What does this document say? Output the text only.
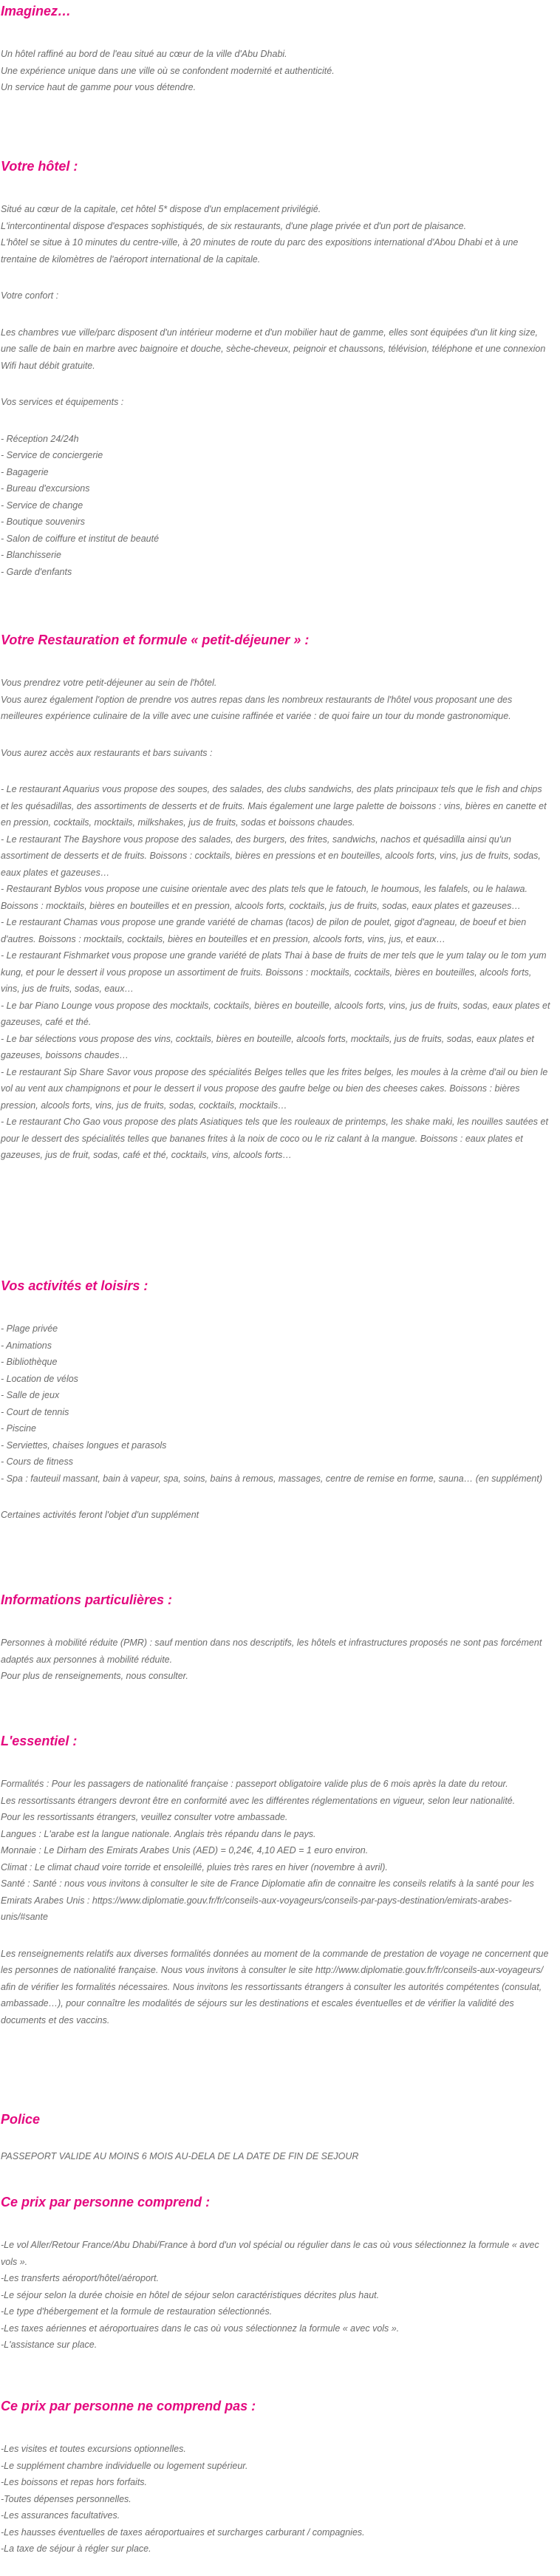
Imaginez…
Un hôtel raffiné au bord de l'eau situé au cœur de la ville d'Abu Dhabi.
Une expérience unique dans une ville où se confondent modernité et authenticité.
Un service haut de gamme pour vous détendre.
Votre hôtel :
Situé au cœur de la capitale, cet hôtel 5* dispose d'un emplacement privilégié.
L'intercontinental dispose d'espaces sophistiqués, de six restaurants, d'une plage privée et d'un port de plaisance.
L'hôtel se situe à 10 minutes du centre-ville, à 20 minutes de route du parc des expositions international d'Abou Dhabi et à une trentaine de kilomètres de l'aéroport international de la capitale.
Votre confort :
Les chambres vue ville/parc disposent d'un intérieur moderne et d'un mobilier haut de gamme, elles sont équipées d'un lit king size, une salle de bain en marbre avec baignoire et douche, sèche-cheveux, peignoir et chaussons, télévision, téléphone et une connexion Wifi haut débit gratuite.
Vos services et équipements :
- Réception 24/24h
- Service de conciergerie
- Bagagerie
- Bureau d'excursions
- Service de change
- Boutique souvenirs
- Salon de coiffure et institut de beauté
- Blanchisserie
- Garde d'enfants
Votre Restauration et formule « petit-déjeuner » :
Vous prendrez votre petit-déjeuner au sein de l'hôtel.
Vous aurez également l'option de prendre vos autres repas dans les nombreux restaurants de l'hôtel vous proposant une des meilleures expérience culinaire de la ville avec une cuisine raffinée et variée : de quoi faire un tour du monde gastronomique.
Vous aurez accès aux restaurants et bars suivants :
- Le restaurant Aquarius vous propose des soupes, des salades, des clubs sandwichs, des plats principaux tels que le fish and chips et les quésadillas, des assortiments de desserts et de fruits. Mais également une large palette de boissons : vins, bières en canette et en pression, cocktails, mocktails, milkshakes, jus de fruits, sodas et boissons chaudes.
- Le restaurant The Bayshore vous propose des salades, des burgers, des frites, sandwichs, nachos et quésadilla ainsi qu'un assortiment de desserts et de fruits. Boissons : cocktails, bières en pressions et en bouteilles, alcools forts, vins, jus de fruits, sodas, eaux plates et gazeuses…
- Restaurant Byblos vous propose une cuisine orientale avec des plats tels que le fatouch, le houmous, les falafels, ou le halawa. Boissons : mocktails, bières en bouteilles et en pression, alcools forts, cocktails, jus de fruits, sodas, eaux plates et gazeuses…
- Le restaurant Chamas vous propose une grande variété de chamas (tacos) de pilon de poulet, gigot d'agneau, de boeuf et bien d'autres. Boissons : mocktails, cocktails, bières en bouteilles et en pression, alcools forts, vins, jus, et eaux…
- Le restaurant Fishmarket vous propose une grande variété de plats Thai à base de fruits de mer tels que le yum talay ou le tom yum kung, et pour le dessert il vous propose un assortiment de fruits. Boissons : mocktails, cocktails, bières en bouteilles, alcools forts, vins, jus de fruits, sodas, eaux…
- Le bar Piano Lounge vous propose des mocktails, cocktails, bières en bouteille, alcools forts, vins, jus de fruits, sodas, eaux plates et gazeuses, café et thé.
- Le bar sélections vous propose des vins, cocktails, bières en bouteille, alcools forts, mocktails, jus de fruits, sodas, eaux plates et gazeuses, boissons chaudes…
- Le restaurant Sip Share Savor vous propose des spécialités Belges telles que les frites belges, les moules à la crème d'ail ou bien le vol au vent aux champignons et pour le dessert il vous propose des gaufre belge ou bien des cheeses cakes. Boissons : bières pression, alcools forts, vins, jus de fruits, sodas, cocktails, mocktails…
- Le restaurant Cho Gao vous propose des plats Asiatiques tels que les rouleaux de printemps, les shake maki, les nouilles sautées et pour le dessert des spécialités telles que bananes frites à la noix de coco ou le riz calant à la mangue. Boissons : eaux plates et gazeuses, jus de fruit, sodas, café et thé, cocktails, vins, alcools forts…
Vos activités et loisirs :
- Plage privée
- Animations
- Bibliothèque
- Location de vélos
- Salle de jeux
- Court de tennis
- Piscine
- Serviettes, chaises longues et parasols
- Cours de fitness
- Spa : fauteuil massant, bain à vapeur, spa, soins, bains à remous, massages, centre de remise en forme, sauna… (en supplément)
Certaines activités feront l'objet d'un supplément
Informations particulières :
Personnes à mobilité réduite (PMR) : sauf mention dans nos descriptifs, les hôtels et infrastructures proposés ne sont pas forcément adaptés aux personnes à mobilité réduite.
Pour plus de renseignements, nous consulter.
L'essentiel :
Formalités : Pour les passagers de nationalité française : passeport obligatoire valide plus de 6 mois après la date du retour.
Les ressortissants étrangers devront être en conformité avec les différentes réglementations en vigueur, selon leur nationalité.
Pour les ressortissants étrangers, veuillez consulter votre ambassade.
Langues : L'arabe est la langue nationale. Anglais très répandu dans le pays.
Monnaie : Le Dirham des Emirats Arabes Unis (AED) = 0,24€, 4,10 AED = 1 euro environ.
Climat : Le climat chaud voire torride et ensoleillé, pluies très rares en hiver (novembre à avril).
Santé : Santé : nous vous invitons à consulter le site de France Diplomatie afin de connaitre les conseils relatifs à la santé pour les Emirats Arabes Unis : https://www.diplomatie.gouv.fr/fr/conseils-aux-voyageurs/conseils-par-pays-destination/emirats-arabes-unis/#sante
Les renseignements relatifs aux diverses formalités données au moment de la commande de prestation de voyage ne concernent que les personnes de nationalité française. Nous vous invitons à consulter le site http://www.diplomatie.gouv.fr/fr/conseils-aux-voyageurs/ afin de vérifier les formalités nécessaires. Nous invitons les ressortissants étrangers à consulter les autorités compétentes (consulat, ambassade…), pour connaître les modalités de séjours sur les destinations et escales éventuelles et de vérifier la validité des documents et des vaccins.
Police
PASSEPORT VALIDE AU MOINS 6 MOIS AU-DELA DE LA DATE DE FIN DE SEJOUR
Ce prix par personne comprend :
-Le vol Aller/Retour France/Abu Dhabi/France à bord d'un vol spécial ou régulier dans le cas où vous sélectionnez la formule « avec vols ».
-Les transferts aéroport/hôtel/aéroport.
-Le séjour selon la durée choisie en hôtel de séjour selon caractéristiques décrites plus haut.
-Le type d'hébergement et la formule de restauration sélectionnés.
-Les taxes aériennes et aéroportuaires dans le cas où vous sélectionnez la formule « avec vols ».
-L'assistance sur place.
Ce prix par personne ne comprend pas :
-Les visites et toutes excursions optionnelles.
-Le supplément chambre individuelle ou logement supérieur.
-Les boissons et repas hors forfaits.
-Toutes dépenses personnelles.
-Les assurances facultatives.
-Les hausses éventuelles de taxes aéroportuaires et surcharges carburant / compagnies.
-La taxe de séjour à régler sur place.
